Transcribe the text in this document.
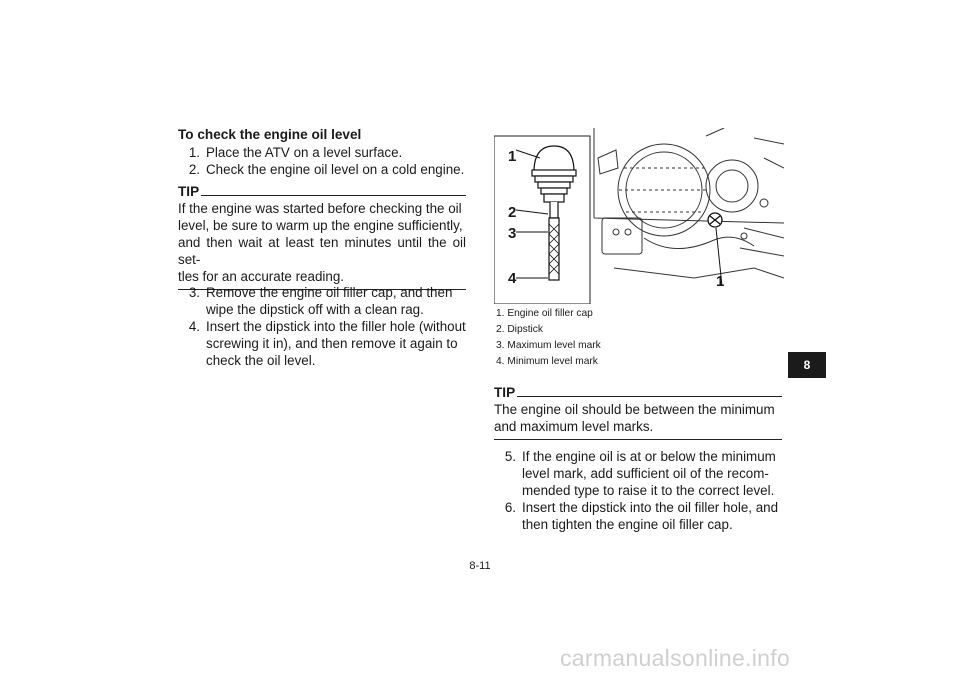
To check the engine oil level
1. Place the ATV on a level surface.
2. Check the engine oil level on a cold engine.
TIP
If the engine was started before checking the oil
level, be sure to warm up the engine sufficiently,
and then wait at least ten minutes until the oil set-
tles for an accurate reading.
3. Remove the engine oil filler cap, and then
wipe the dipstick off with a clean rag.
4. Insert the dipstick into the filler hole (without
screwing it in), and then remove it again to
check the oil level.
1
2
3
4	1
1. Engine oil filler cap
2. Dipstick
3. Maximum level mark
4. Minimum level mark
TIP
The engine oil should be between the minimum
and maximum level marks.
5. If the engine oil is at or below the minimum
level mark, add sufficient oil of the recom-
mended type to raise it to the correct level.
6. Insert the dipstick into the oil filler hole, and
then tighten the engine oil filler cap.
8
8-11
carmanualsonline.info
